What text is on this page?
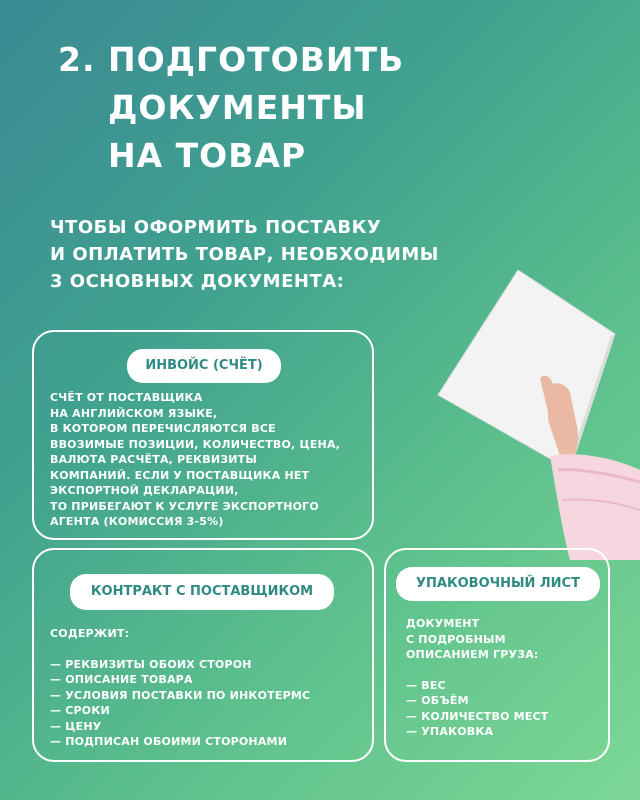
2. ПОДГОТОВИТЬ
ДОКУМЕНТЫ
НА ТОВАР
ЧТОБЫ ОФОРМИТЬ ПОСТАВКУ
И ОПЛАТИТЬ ТОВАР, НЕОБХОДИМЫ
3 ОСНОВНЫХ ДОКУМЕНТА:
ИНВОЙС (СЧЁТ)
СЧЁТ ОТ ПОСТАВЩИКА
НА АНГЛИЙСКОМ ЯЗЫКЕ,
В КОТОРОМ ПЕРЕЧИСЛЯЮТСЯ ВСЕ
ВВОЗИМЫЕ ПОЗИЦИИ, КОЛИЧЕСТВО, ЦЕНА,
ВАЛЮТА РАСЧЁТА, РЕКВИЗИТЫ
КОМПАНИЙ. ЕСЛИ У ПОСТАВЩИКА НЕТ
ЭКСПОРТНОЙ ДЕКЛАРАЦИИ,
ТО ПРИБЕГАЮТ К УСЛУГЕ ЭКСПОРТНОГО
АГЕНТА (КОМИССИЯ 3-5%)
КОНТРАКТ С ПОСТАВЩИКОМ
СОДЕРЖИТ:
— РЕКВИЗИТЫ ОБОИХ СТОРОН
— ОПИСАНИЕ ТОВАРА
— УСЛОВИЯ ПОСТАВКИ ПО ИНКОТЕРМС
— СРОКИ
— ЦЕНУ
— ПОДПИСАН ОБОИМИ СТОРОНАМИ
УПАКОВОЧНЫЙ ЛИСТ
ДОКУМЕНТ
С ПОДРОБНЫМ
ОПИСАНИЕМ ГРУЗА:
— ВЕС
— ОБЪЁМ
— КОЛИЧЕСТВО МЕСТ
— УПАКОВКА
